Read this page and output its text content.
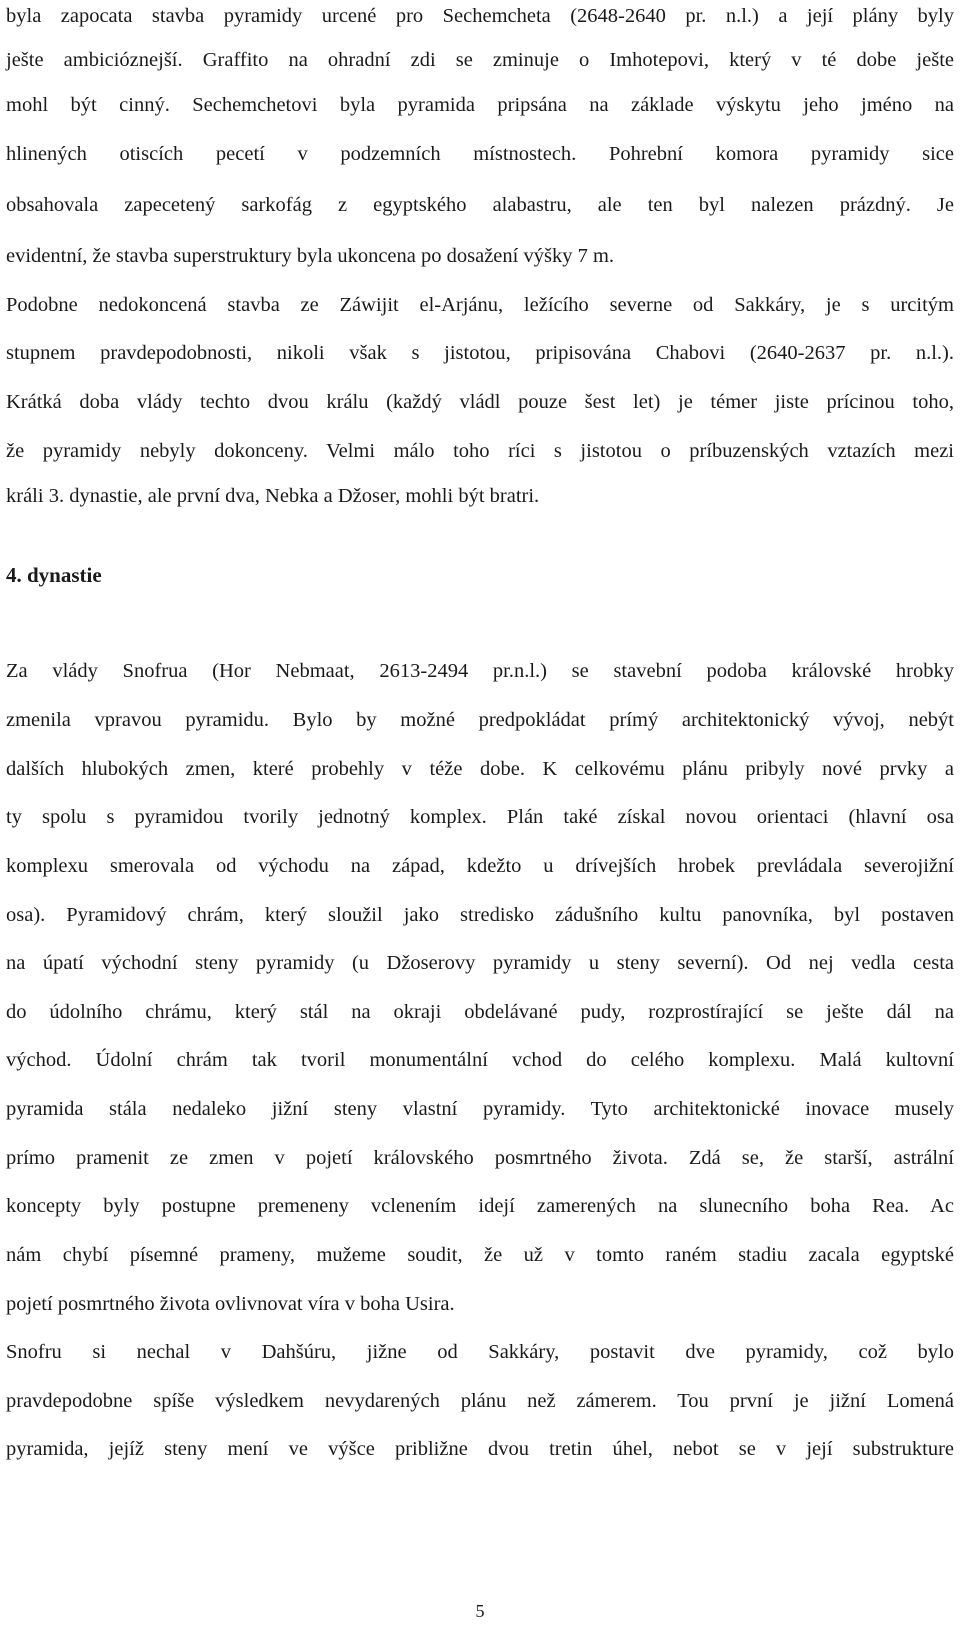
byla zapocata stavba pyramidy urcené pro Sechemcheta (2648-2640 pr. n.l.) a její plány byly
ješte ambicióznejší. Graffito na ohradní zdi se zminuje o Imhotepovi, který v té dobe ješte
mohl být cinný. Sechemchetovi byla pyramida pripsána na základe výskytu jeho jméno na
hlinených otiscích pecetí v podzemních místnostech. Pohrební komora pyramidy sice
obsahovala zapecetený sarkofág z egyptského alabastru, ale ten byl nalezen prázdný. Je
evidentní, že stavba superstruktury byla ukoncena po dosažení výšky 7 m.
Podobne nedokoncená stavba ze Záwijit el-Arjánu, ležícího severne od Sakkáry, je s urcitým
stupnem pravdepodobnosti, nikoli však s jistotou, pripisována Chabovi (2640-2637 pr. n.l.).
Krátká doba vlády techto dvou králu (každý vládl pouze šest let) je témer jiste prícinou toho,
že pyramidy nebyly dokonceny. Velmi málo toho ríci s jistotou o príbuzenských vztazích mezi
králi 3. dynastie, ale první dva, Nebka a Džoser, mohli být bratri.
4. dynastie
Za vlády Snofrua (Hor Nebmaat, 2613-2494 pr.n.l.) se stavební podoba královské hrobky
zmenila vpravou pyramidu. Bylo by možné predpokládat prímý architektonický vývoj, nebýt
dalších hlubokých zmen, které probehly v téže dobe. K celkovému plánu pribyly nové prvky a
ty spolu s pyramidou tvorily jednotný komplex. Plán také získal novou orientaci (hlavní osa
komplexu smerovala od východu na západ, kdežto u drívejších hrobek prevládala severojižní
osa). Pyramidový chrám, který sloužil jako stredisko zádušního kultu panovníka, byl postaven
na úpatí východní steny pyramidy (u Džoserovy pyramidy u steny severní). Od nej vedla cesta
do údolního chrámu, který stál na okraji obdelávané pudy, rozprostírající se ješte dál na
východ. Údolní chrám tak tvoril monumentální vchod do celého komplexu. Malá kultovní
pyramida stála nedaleko jižní steny vlastní pyramidy. Tyto architektonické inovace musely
prímo pramenit ze zmen v pojetí královského posmrtného života. Zdá se, že starší, astrální
koncepty byly postupne premeneny vclenením idejí zamerených na slunecního boha Rea. Ac
nám chybí písemné prameny, mužeme soudit, že už v tomto raném stadiu zacala egyptské
pojetí posmrtného života ovlivnovat víra v boha Usira.
Snofru si nechal v Dahšúru, jižne od Sakkáry, postavit dve pyramidy, což bylo
pravdepodobne spíše výsledkem nevydarených plánu než zámerem. Tou první je jižní Lomená
pyramida, jejíž steny mení ve výšce približne dvou tretin úhel, nebot se v její substrukture
5
